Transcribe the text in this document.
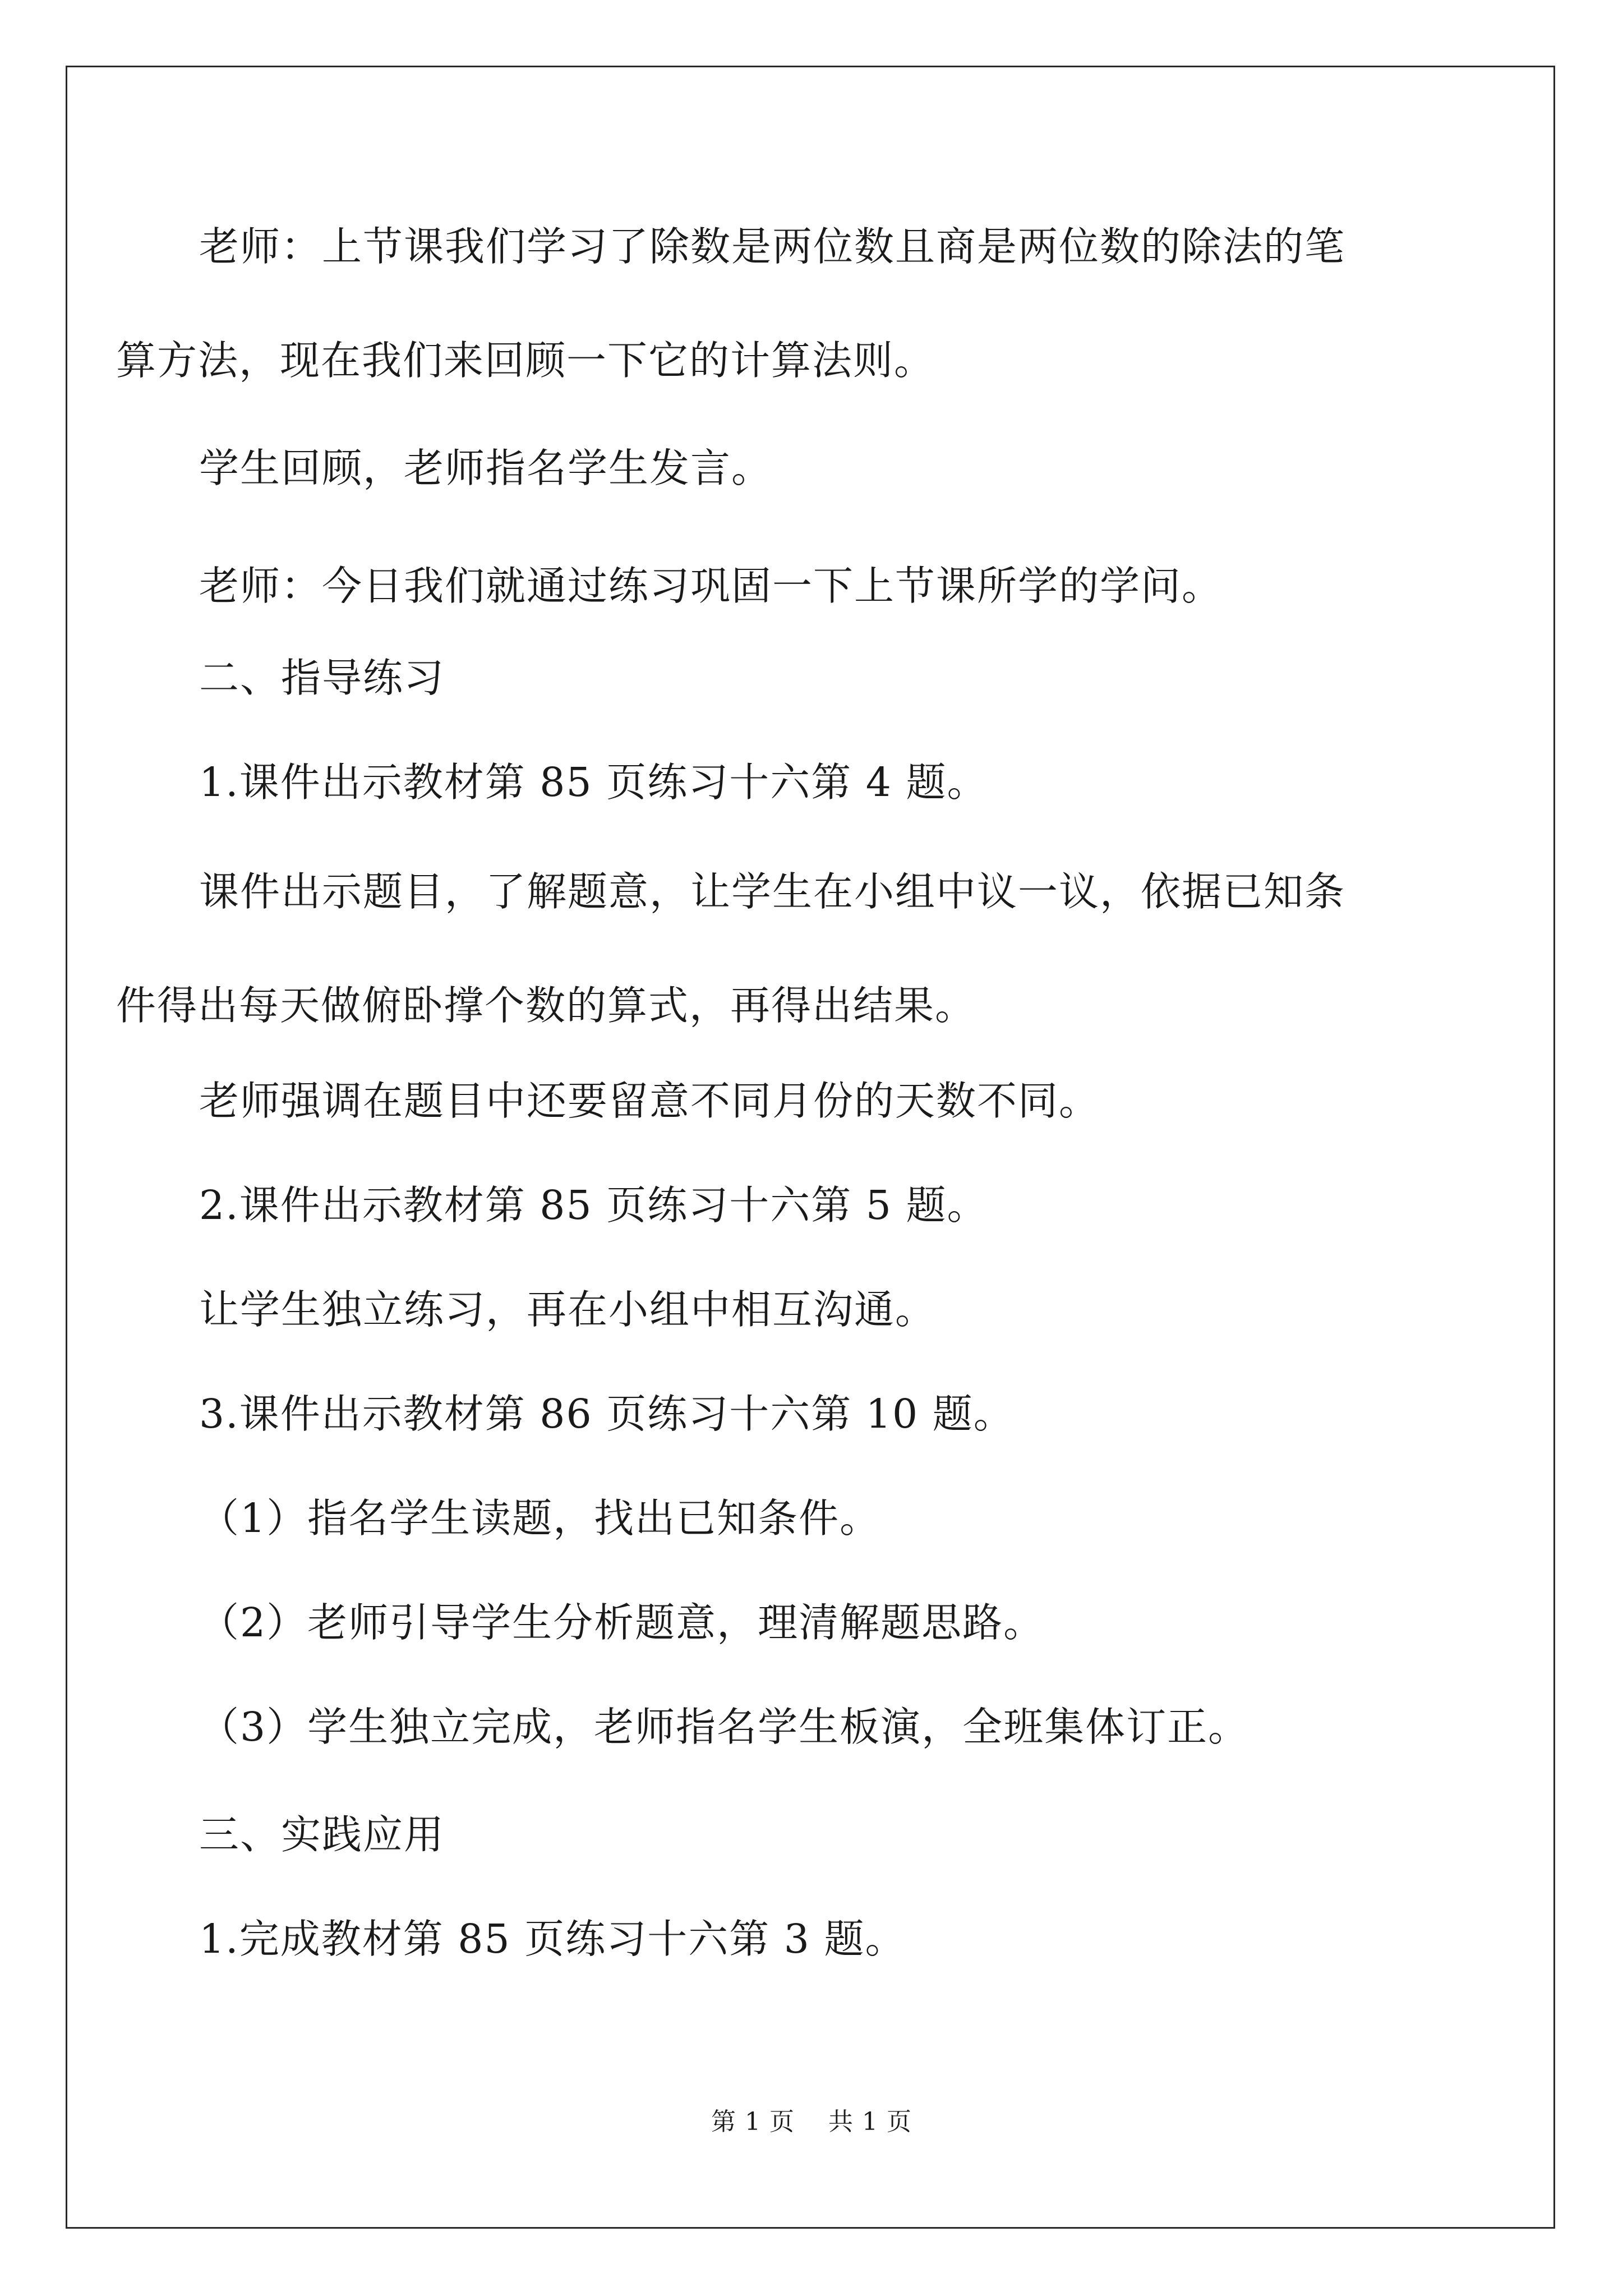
老师：上节课我们学习了除数是两位数且商是两位数的除法的笔
算方法，现在我们来回顾一下它的计算法则。

学生回顾，老师指名学生发言。

老师：今日我们就通过练习巩固一下上节课所学的学问。

二、指导练习

1.课件出示教材第 85 页练习十六第 4 题。

课件出示题目，了解题意，让学生在小组中议一议，依据已知条
件得出每天做俯卧撑个数的算式，再得出结果。

老师强调在题目中还要留意不同月份的天数不同。

2.课件出示教材第 85 页练习十六第 5 题。

让学生独立练习，再在小组中相互沟通。

3.课件出示教材第 86 页练习十六第 10 题。

（1）指名学生读题，找出已知条件。

（2）老师引导学生分析题意，理清解题思路。

（3）学生独立完成，老师指名学生板演，全班集体订正。

三、实践应用

1.完成教材第 85 页练习十六第 3 题。

第 1 页　 共 1 页
